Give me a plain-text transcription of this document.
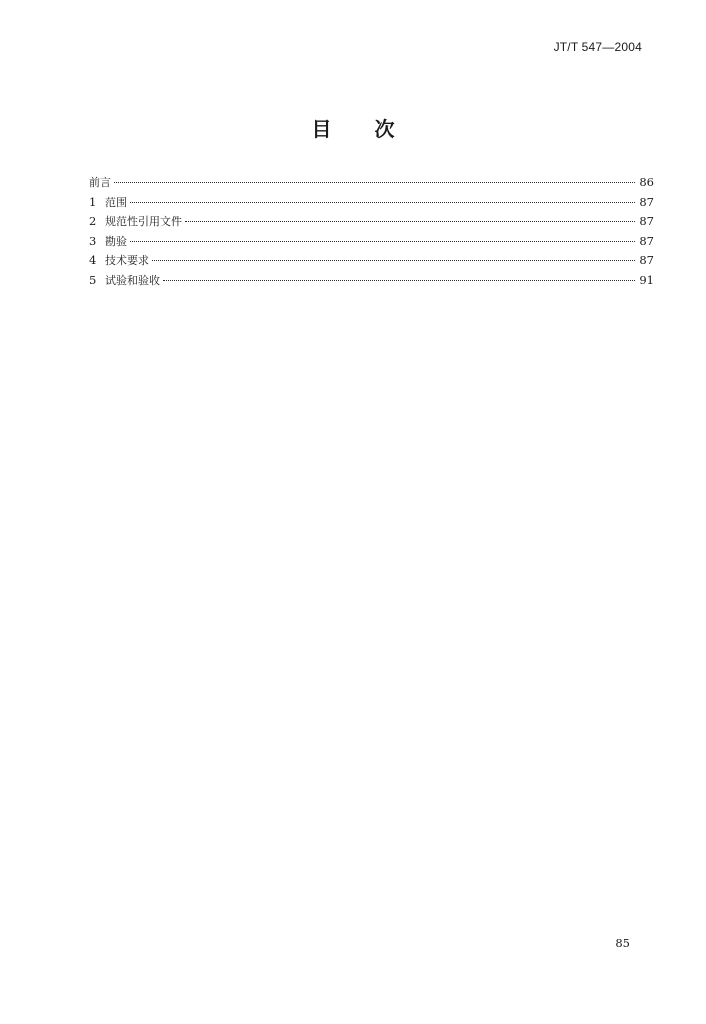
JT/T 547—2004
目 次
前言	86
1 范围	87
2 规范性引用文件	87
3 勘验	87
4 技术要求	87
5 试验和验收	91
85
